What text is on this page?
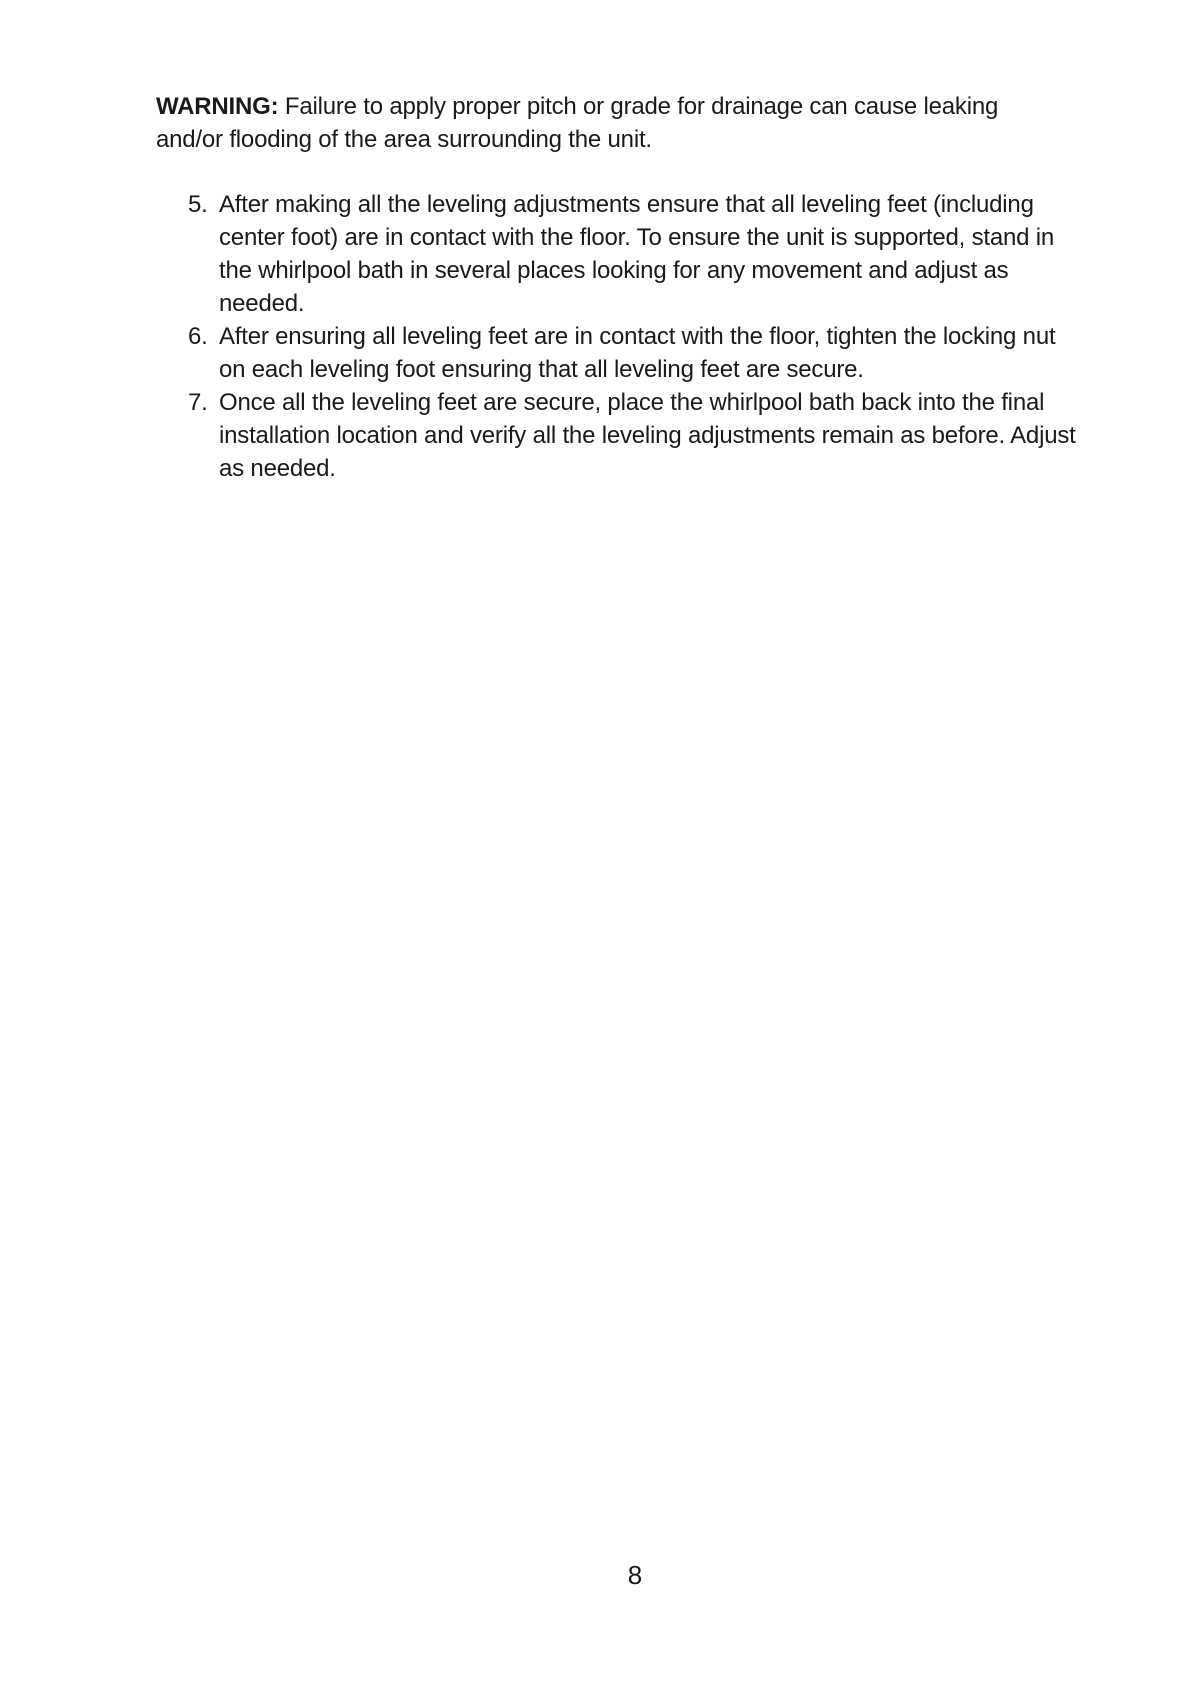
WARNING: Failure to apply proper pitch or grade for drainage can cause leaking and/or flooding of the area surrounding the unit.

5. After making all the leveling adjustments ensure that all leveling feet (including center foot) are in contact with the floor. To ensure the unit is supported, stand in the whirlpool bath in several places looking for any movement and adjust as needed.
6. After ensuring all leveling feet are in contact with the floor, tighten the locking nut on each leveling foot ensuring that all leveling feet are secure.
7. Once all the leveling feet are secure, place the whirlpool bath back into the final installation location and verify all the leveling adjustments remain as before. Adjust as needed.
8
